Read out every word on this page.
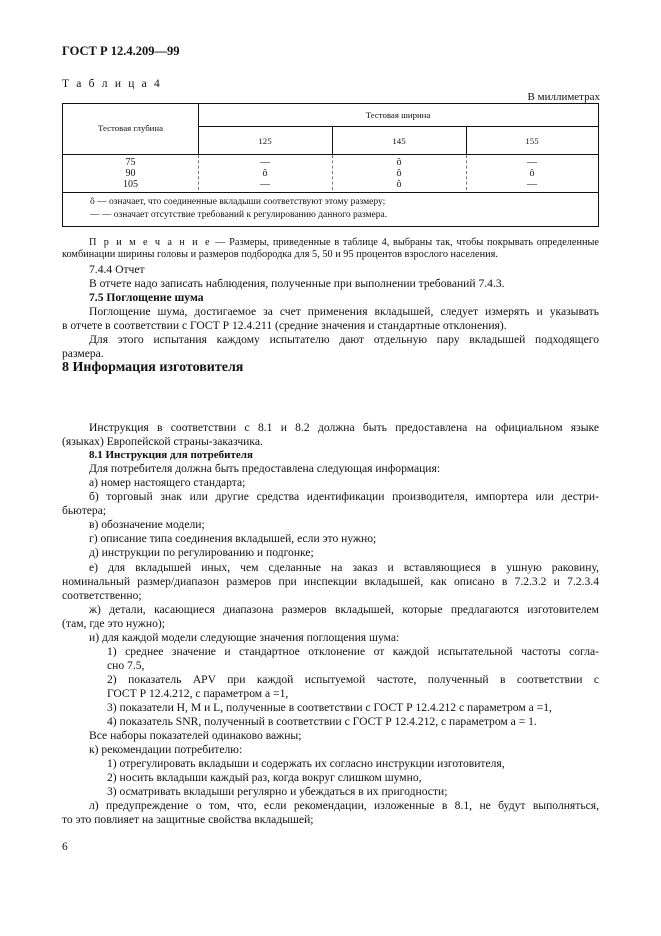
ГОСТ Р 12.4.209—99
Т а б л и ц а 4
В миллиметрах
Тестовая глубина
Тестовая ширина
125	145	155
75	—	ô	—
90	ô	ô	ô
105	—	ô	—
ô — означает, что соединенные вкладыши соответствуют этому размеру;
— — означает отсутствие требований к регулированию данного размера.
П р и м е ч а н и е — Размеры, приведенные в таблице 4, выбраны так, чтобы покрывать определенные
комбинации ширины головы и размеров подбородка для 5, 50 и 95 процентов взрослого населения.
7.4.4 Отчет
В отчете надо записать наблюдения, полученные при выполнении требований 7.4.3.
7.5 Поглощение шума
Поглощение шума, достигаемое за счет применения вкладышей, следует измерять и указывать
в отчете в соответствии с ГОСТ Р 12.4.211 (средние значения и стандартные отклонения).
Для этого испытания каждому испытателю дают отдельную пару вкладышей подходящего
размера.
8 Информация изготовителя
Инструкция в соответствии с 8.1 и 8.2 должна быть предоставлена на официальном языке
(языках) Европейской страны-заказчика.
8.1 Инструкция для потребителя
Для потребителя должна быть предоставлена следующая информация:
а) номер настоящего стандарта;
б) торговый знак или другие средства идентификации производителя, импортера или дестри-
бьютера;
в) обозначение модели;
г) описание типа соединения вкладышей, если это нужно;
д) инструкции по регулированию и подгонке;
е) для вкладышей иных, чем сделанные на заказ и вставляющиеся в ушную раковину,
номинальный размер/диапазон размеров при инспекции вкладышей, как описано в 7.2.3.2 и 7.2.3.4
соответственно;
ж) детали, касающиеся диапазона размеров вкладышей, которые предлагаются изготовителем
(там, где это нужно);
и) для каждой модели следующие значения поглощения шума:
1) среднее значение и стандартное отклонение от каждой испытательной частоты согла-
сно 7.5,
2) показатель APV при каждой испытуемой частоте, полученный в соответствии с
ГОСТ Р 12.4.212, с параметром a =1,
3) показатели H, M и L, полученные в соответствии с ГОСТ Р 12.4.212 с параметром a =1,
4) показатель SNR, полученный в соответствии с ГОСТ Р 12.4.212, с параметром a = 1.
Все наборы показателей одинаково важны;
к) рекомендации потребителю:
1) отрегулировать вкладыши и содержать их согласно инструкции изготовителя,
2) носить вкладыши каждый раз, когда вокруг слишком шумно,
3) осматривать вкладыши регулярно и убеждаться в их пригодности;
л) предупреждение о том, что, если рекомендации, изложенные в 8.1, не будут выполняться,
то это повлияет на защитные свойства вкладышей;
6
